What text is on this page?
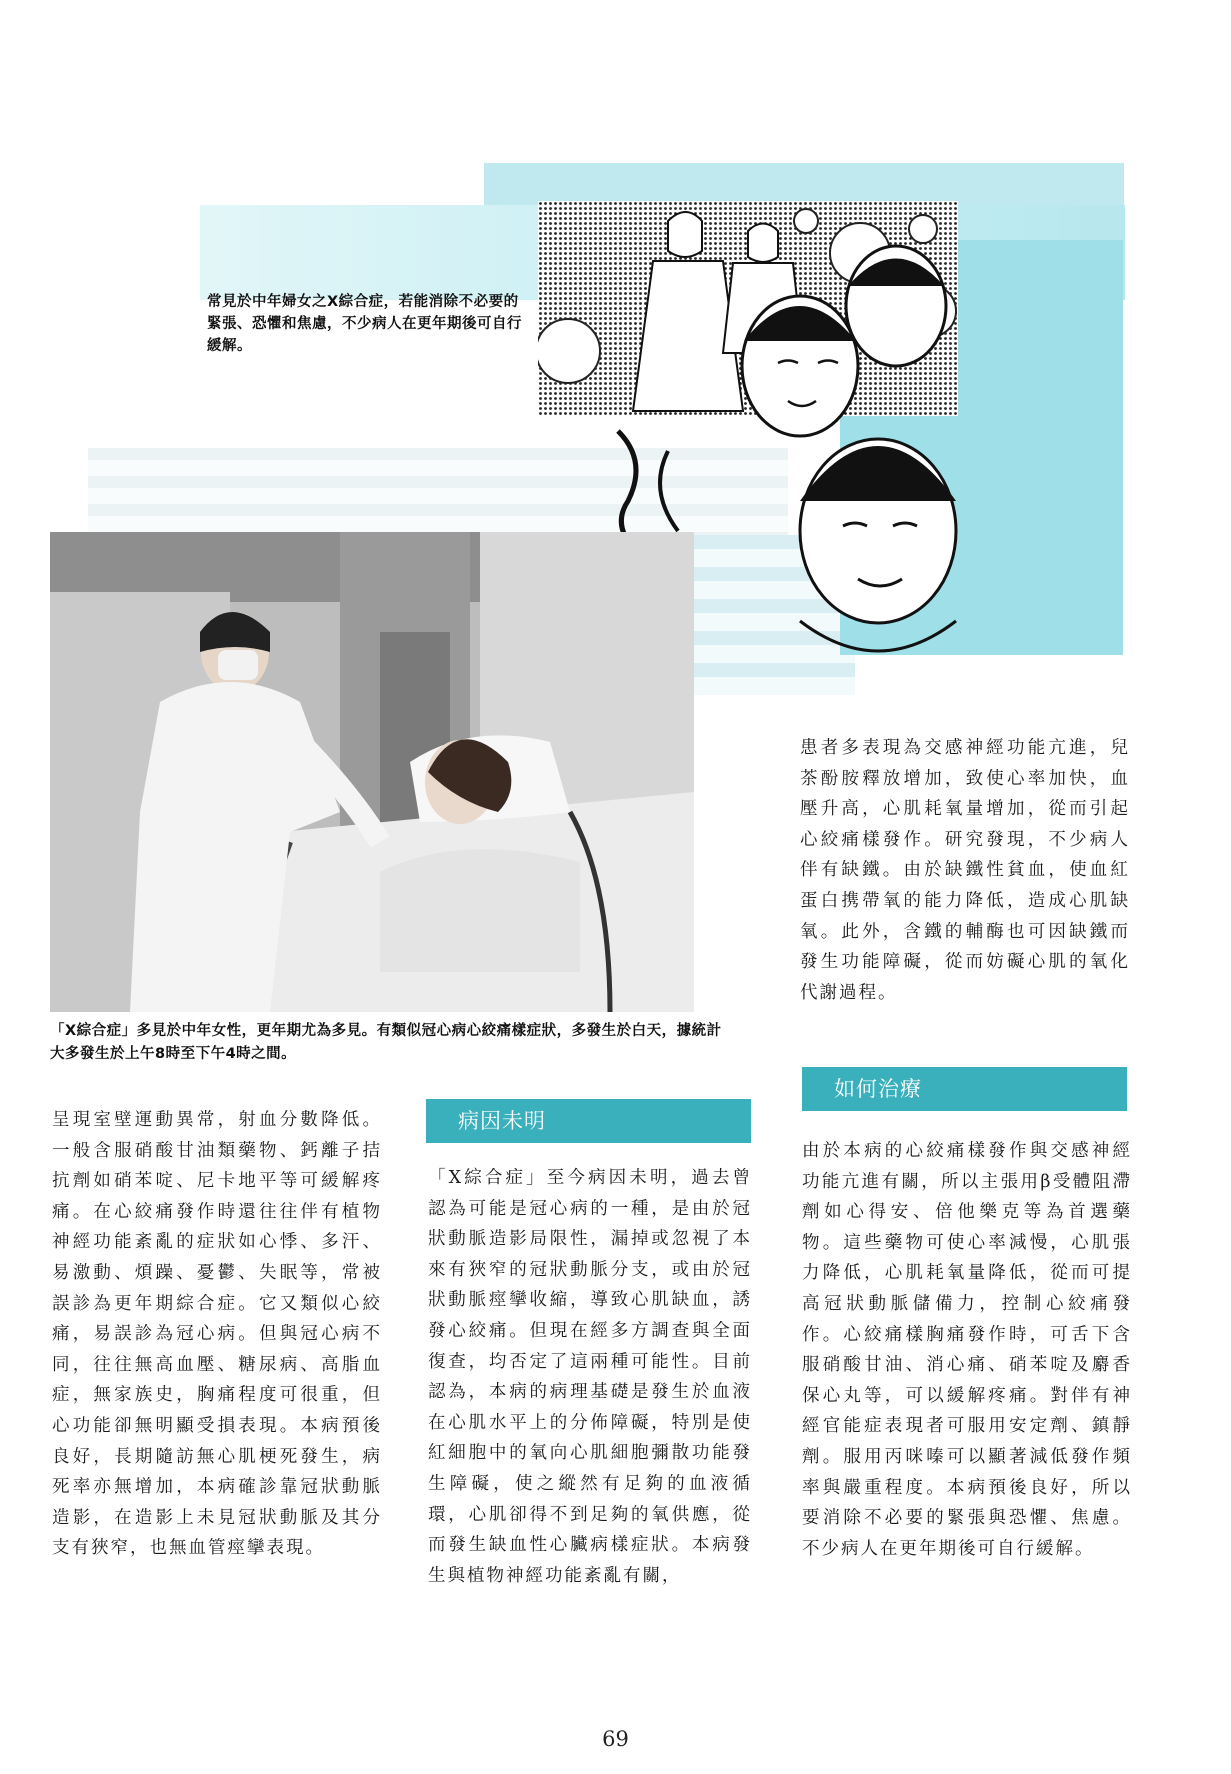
常見於中年婦女之X綜合症，若能消除不必要的緊張、恐懼和焦慮，不少病人在更年期後可自行緩解。
「X綜合症」多見於中年女性，更年期尤為多見。有類似冠心病心絞痛樣症狀，多發生於白天，據統計大多發生於上午8時至下午4時之間。

患者多表現為交感神經功能亢進，兒茶酚胺釋放增加，致使心率加快，血壓升高，心肌耗氧量增加，從而引起心絞痛樣發作。研究發現，不少病人伴有缺鐵。由於缺鐵性貧血，使血紅蛋白携帶氧的能力降低，造成心肌缺氧。此外，含鐵的輔酶也可因缺鐵而發生功能障礙，從而妨礙心肌的氧化代謝過程。

如何治療

呈現室壁運動異常，射血分數降低。一般含服硝酸甘油類藥物、鈣離子拮抗劑如硝苯啶、尼卡地平等可緩解疼痛。在心絞痛發作時還往往伴有植物神經功能紊亂的症狀如心悸、多汗、易激動、煩躁、憂鬱、失眠等，常被誤診為更年期綜合症。它又類似心絞痛，易誤診為冠心病。但與冠心病不同，往往無高血壓、糖尿病、高脂血症，無家族史，胸痛程度可很重，但心功能卻無明顯受損表現。本病預後良好，長期隨訪無心肌梗死發生，病死率亦無增加，本病確診靠冠狀動脈造影，在造影上未見冠狀動脈及其分支有狹窄，也無血管痙攣表現。

病因未明

「X綜合症」至今病因未明，過去曾認為可能是冠心病的一種，是由於冠狀動脈造影局限性，漏掉或忽視了本來有狹窄的冠狀動脈分支，或由於冠狀動脈痙攣收縮，導致心肌缺血，誘發心絞痛。但現在經多方調查與全面復查，均否定了這兩種可能性。目前認為，本病的病理基礎是發生於血液在心肌水平上的分佈障礙，特別是使紅細胞中的氧向心肌細胞彌散功能發生障礙，使之縱然有足夠的血液循環，心肌卻得不到足夠的氧供應，從而發生缺血性心臟病樣症狀。本病發生與植物神經功能紊亂有關，

由於本病的心絞痛樣發作與交感神經功能亢進有關，所以主張用β受體阻滯劑如心得安、倍他樂克等為首選藥物。這些藥物可使心率減慢，心肌張力降低，心肌耗氧量降低，從而可提高冠狀動脈儲備力，控制心絞痛發作。心絞痛樣胸痛發作時，可舌下含服硝酸甘油、消心痛、硝苯啶及麝香保心丸等，可以緩解疼痛。對伴有神經官能症表現者可服用安定劑、鎮靜劑。服用丙咪嗪可以顯著減低發作頻率與嚴重程度。本病預後良好，所以要消除不必要的緊張與恐懼、焦慮。不少病人在更年期後可自行緩解。

69
